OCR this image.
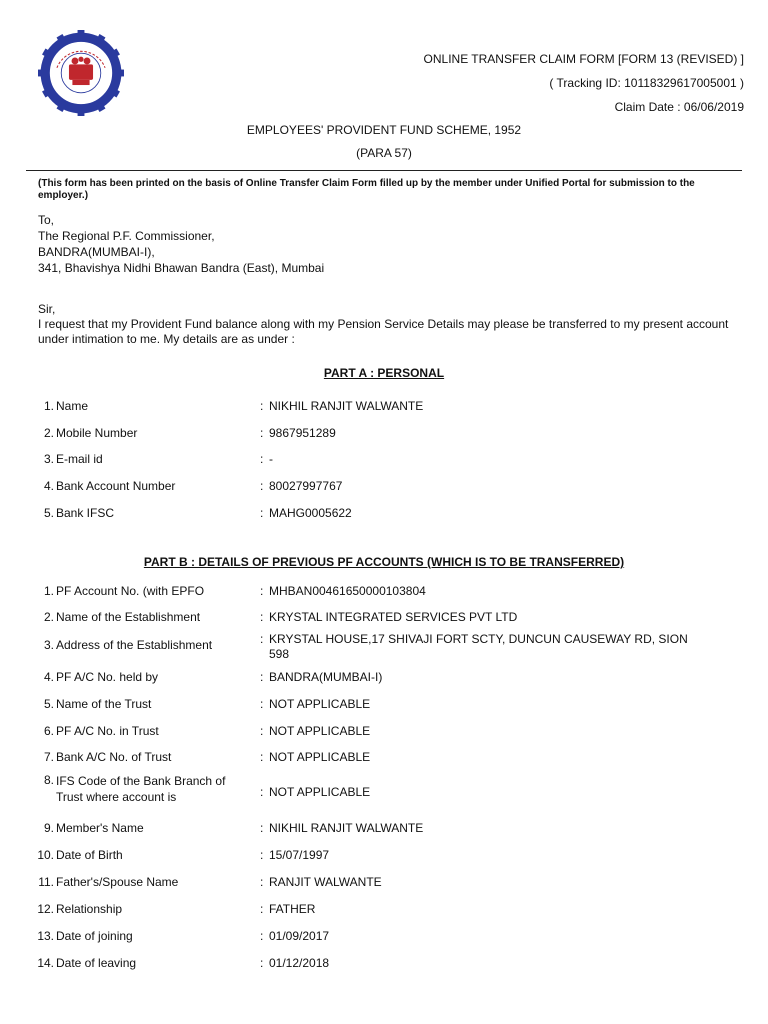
ONLINE TRANSFER CLAIM FORM [FORM 13 (REVISED) ]
( Tracking ID: 10118329617005001 )
Claim Date : 06/06/2019
EMPLOYEES' PROVIDENT FUND SCHEME, 1952
(PARA 57)
(This form has been printed on the basis of Online Transfer Claim Form filled up by the member under Unified Portal for submission to the employer.)
To,
The Regional P.F. Commissioner,
BANDRA(MUMBAI-I),
341, Bhavishya Nidhi Bhawan Bandra (East), Mumbai
Sir,
I request that my Provident Fund balance along with my Pension Service Details may please be transferred to my present account under intimation to me. My details are as under :
PART A : PERSONAL
1. Name	: NIKHIL RANJIT WALWANTE
2. Mobile Number	: 9867951289
3. E-mail id	: -
4. Bank Account Number	: 80027997767
5. Bank IFSC	: MAHG0005622
PART B : DETAILS OF PREVIOUS PF ACCOUNTS (WHICH IS TO BE TRANSFERRED)
1. PF Account No. (with EPFO	: MHBAN00461650000103804
2. Name of the Establishment	: KRYSTAL INTEGRATED SERVICES PVT LTD
3. Address of the Establishment	: KRYSTAL HOUSE,17 SHIVAJI FORT SCTY, DUNCUN CAUSEWAY RD, SION 598
4. PF A/C No. held by	: BANDRA(MUMBAI-I)
5. Name of the Trust	: NOT APPLICABLE
6. PF A/C No. in Trust	: NOT APPLICABLE
7. Bank A/C No. of Trust	: NOT APPLICABLE
8. IFS Code of the Bank Branch of Trust where account is	: NOT APPLICABLE
9. Member's Name	: NIKHIL RANJIT WALWANTE
10. Date of Birth	: 15/07/1997
11. Father's/Spouse Name	: RANJIT WALWANTE
12. Relationship	: FATHER
13. Date of joining	: 01/09/2017
14. Date of leaving	: 01/12/2018
